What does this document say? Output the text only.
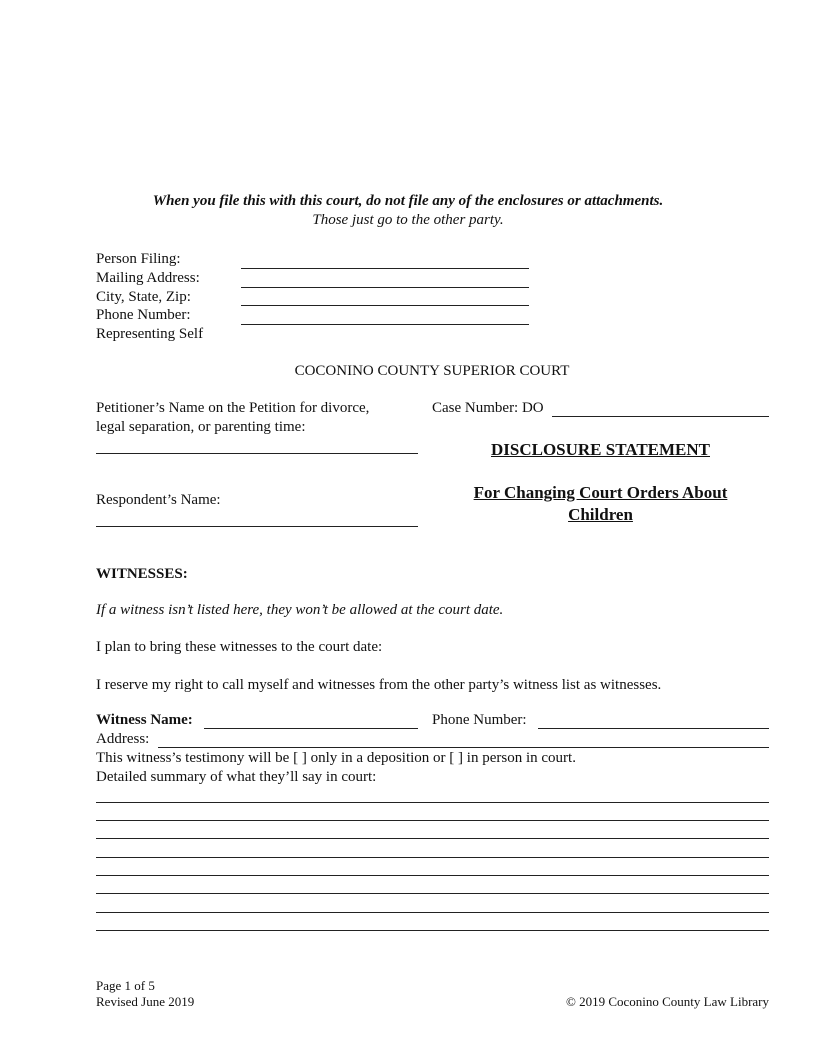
When you file this with this court, do not file any of the enclosures or attachments.
Those just go to the other party.
Person Filing:
Mailing Address:
City, State, Zip:
Phone Number:
Representing Self
COCONINO COUNTY SUPERIOR COURT
Petitioner’s Name on the Petition for divorce,
legal separation, or parenting time:
Respondent’s Name:
Case Number: DO
DISCLOSURE STATEMENT
For Changing Court Orders About
Children
WITNESSES:
If a witness isn’t listed here, they won’t be allowed at the court date.
I plan to bring these witnesses to the court date:
I reserve my right to call myself and witnesses from the other party’s witness list as witnesses.
Witness Name:	Phone Number:
Address:
This witness’s testimony will be [ ] only in a deposition or [ ] in person in court.
Detailed summary of what they’ll say in court:
Page 1 of 5
Revised June 2019	© 2019 Coconino County Law Library
